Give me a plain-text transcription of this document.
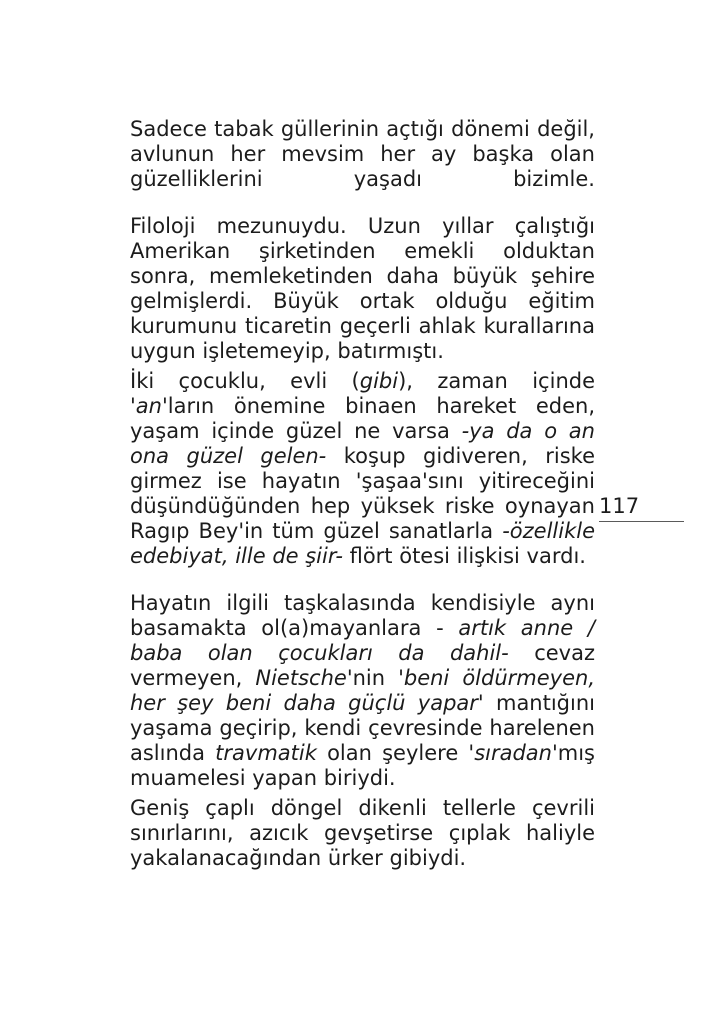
Sadece tabak güllerinin açtığı dönemi değil, avlunun her mevsim her ay başka olan güzelliklerini yaşadı bizimle.

Filoloji mezunuydu. Uzun yıllar çalıştığı Amerikan şirketinden emekli olduktan sonra, memleketinden daha büyük şehire gelmişlerdi. Büyük ortak olduğu eğitim kurumunu ticaretin geçerli ahlak kurallarına uygun işletemeyip, batırmıştı.

İki çocuklu, evli (gibi), zaman içinde 'an'ların önemine binaen hareket eden, yaşam içinde güzel ne varsa -ya da o an ona güzel gelen- koşup gidiveren, riske girmez ise hayatın 'şaşaa'sını yitireceğini düşündüğünden hep yüksek riske oynayan Ragıp Bey'in tüm güzel sanatlarla -özellikle edebiyat, ille de şiir- flört ötesi ilişkisi vardı.

Hayatın ilgili taşkalasında kendisiyle aynı basamakta ol(a)mayanlara - artık anne / baba olan çocukları da dahil- cevaz vermeyen, Nietsche'nin 'beni öldürmeyen, her şey beni daha güçlü yapar' mantığını yaşama geçirip, kendi çevresinde harelenen aslında travmatik olan şeylere 'sıradan'mış muamelesi yapan biriydi.

Geniş çaplı döngel dikenli tellerle çevrili sınırlarını, azıcık gevşetirse çıplak haliyle yakalanacağından ürker gibiydi.

117
